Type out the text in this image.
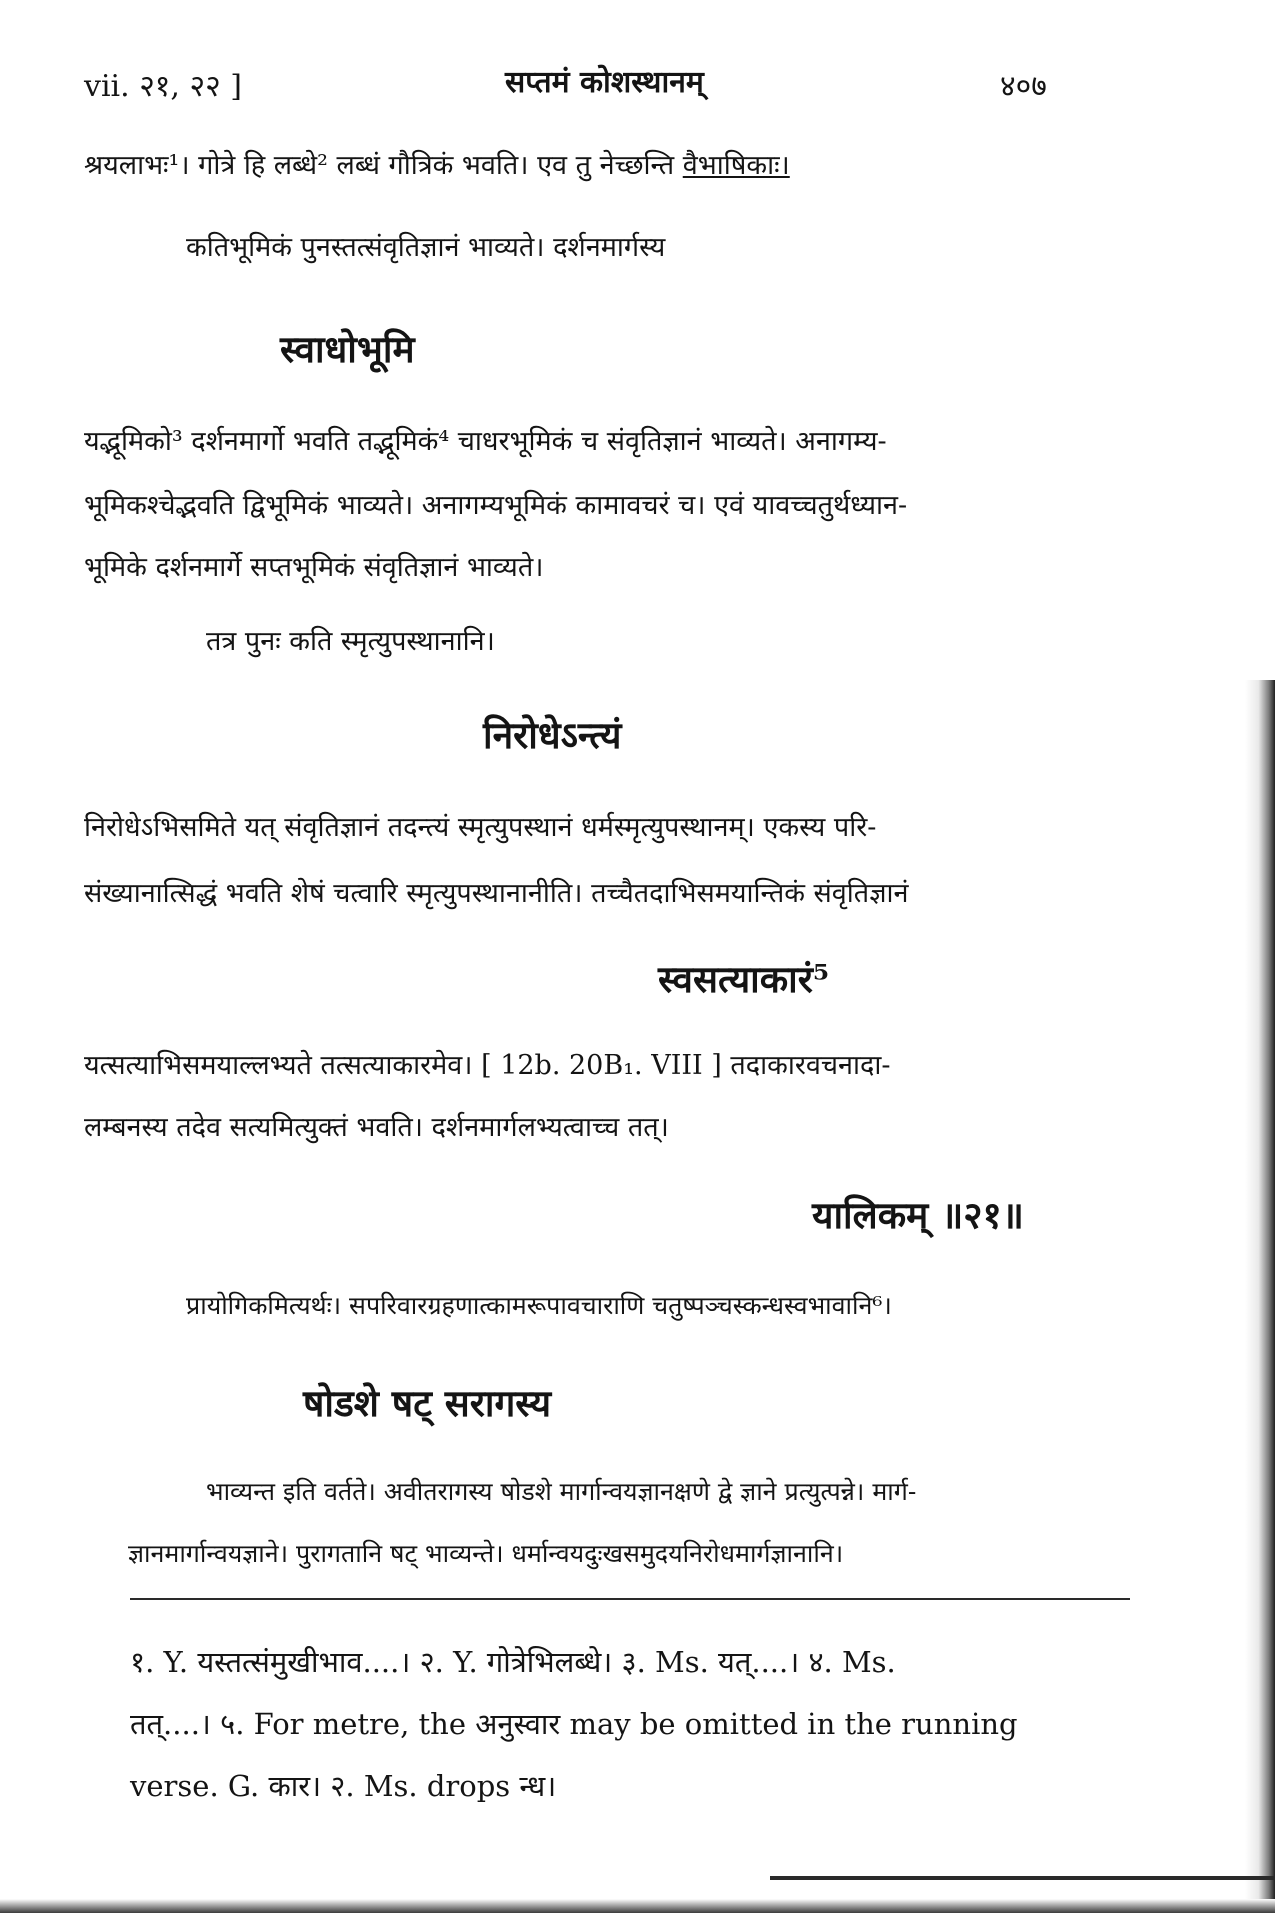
vii. २१, २२ ]	सप्तमं कोशस्थानम्	४०७
श्रयलाभः¹। गोत्रे हि लब्धे² लब्धं गौत्रिकं भवति। एव तु नेच्छन्ति वैभाषिकाः।
कतिभूमिकं पुनस्तत्संवृतिज्ञानं भाव्यते। दर्शनमार्गस्य
स्वाधोभूमि
यद्भूमिको³ दर्शनमार्गो भवति तद्भूमिकं⁴ चाधरभूमिकं च संवृतिज्ञानं भाव्यते। अनागम्य-
भूमिकश्चेद्भवति द्विभूमिकं भाव्यते। अनागम्यभूमिकं कामावचरं च। एवं यावच्चतुर्थध्यान-
भूमिके दर्शनमार्गे सप्तभूमिकं संवृतिज्ञानं भाव्यते।
तत्र पुनः कति स्मृत्युपस्थानानि।
निरोधेऽन्त्यं
निरोधेऽभिसमिते यत् संवृतिज्ञानं तदन्त्यं स्मृत्युपस्थानं धर्मस्मृत्युपस्थानम्। एकस्य परि-
संख्यानात्सिद्धं भवति शेषं चत्वारि स्मृत्युपस्थानानीति। तच्चैतदाभिसमयान्तिकं संवृतिज्ञानं
स्वसत्याकारं⁵
यत्सत्याभिसमयाल्लभ्यते तत्सत्याकारमेव। [ 12b. 20B₁. VIII ] तदाकारवचनादा-
लम्बनस्य तदेव सत्यमित्युक्तं भवति। दर्शनमार्गलभ्यत्वाच्च तत्।
यालिकम् ॥२१॥
प्रायोगिकमित्यर्थः। सपरिवारग्रहणात्कामरूपावचाराणि चतुष्पञ्चस्कन्धस्वभावानि⁶।
षोडशे षट् सरागस्य
भाव्यन्त इति वर्तते। अवीतरागस्य षोडशे मार्गान्वयज्ञानक्षणे द्वे ज्ञाने प्रत्युत्पन्ने। मार्ग-
ज्ञानमार्गान्वयज्ञाने। पुरागतानि षट् भाव्यन्ते। धर्मान्वयदुःखसमुदयनिरोधमार्गज्ञानानि।
१. Y. यस्तत्संमुखीभाव....। २. Y. गोत्रेभिलब्धे। ३. Ms. यत्....। ४. Ms.
तत्....। ५. For metre, the अनुस्वार may be omitted in the running
verse. G. कार। २. Ms. drops न्ध।
